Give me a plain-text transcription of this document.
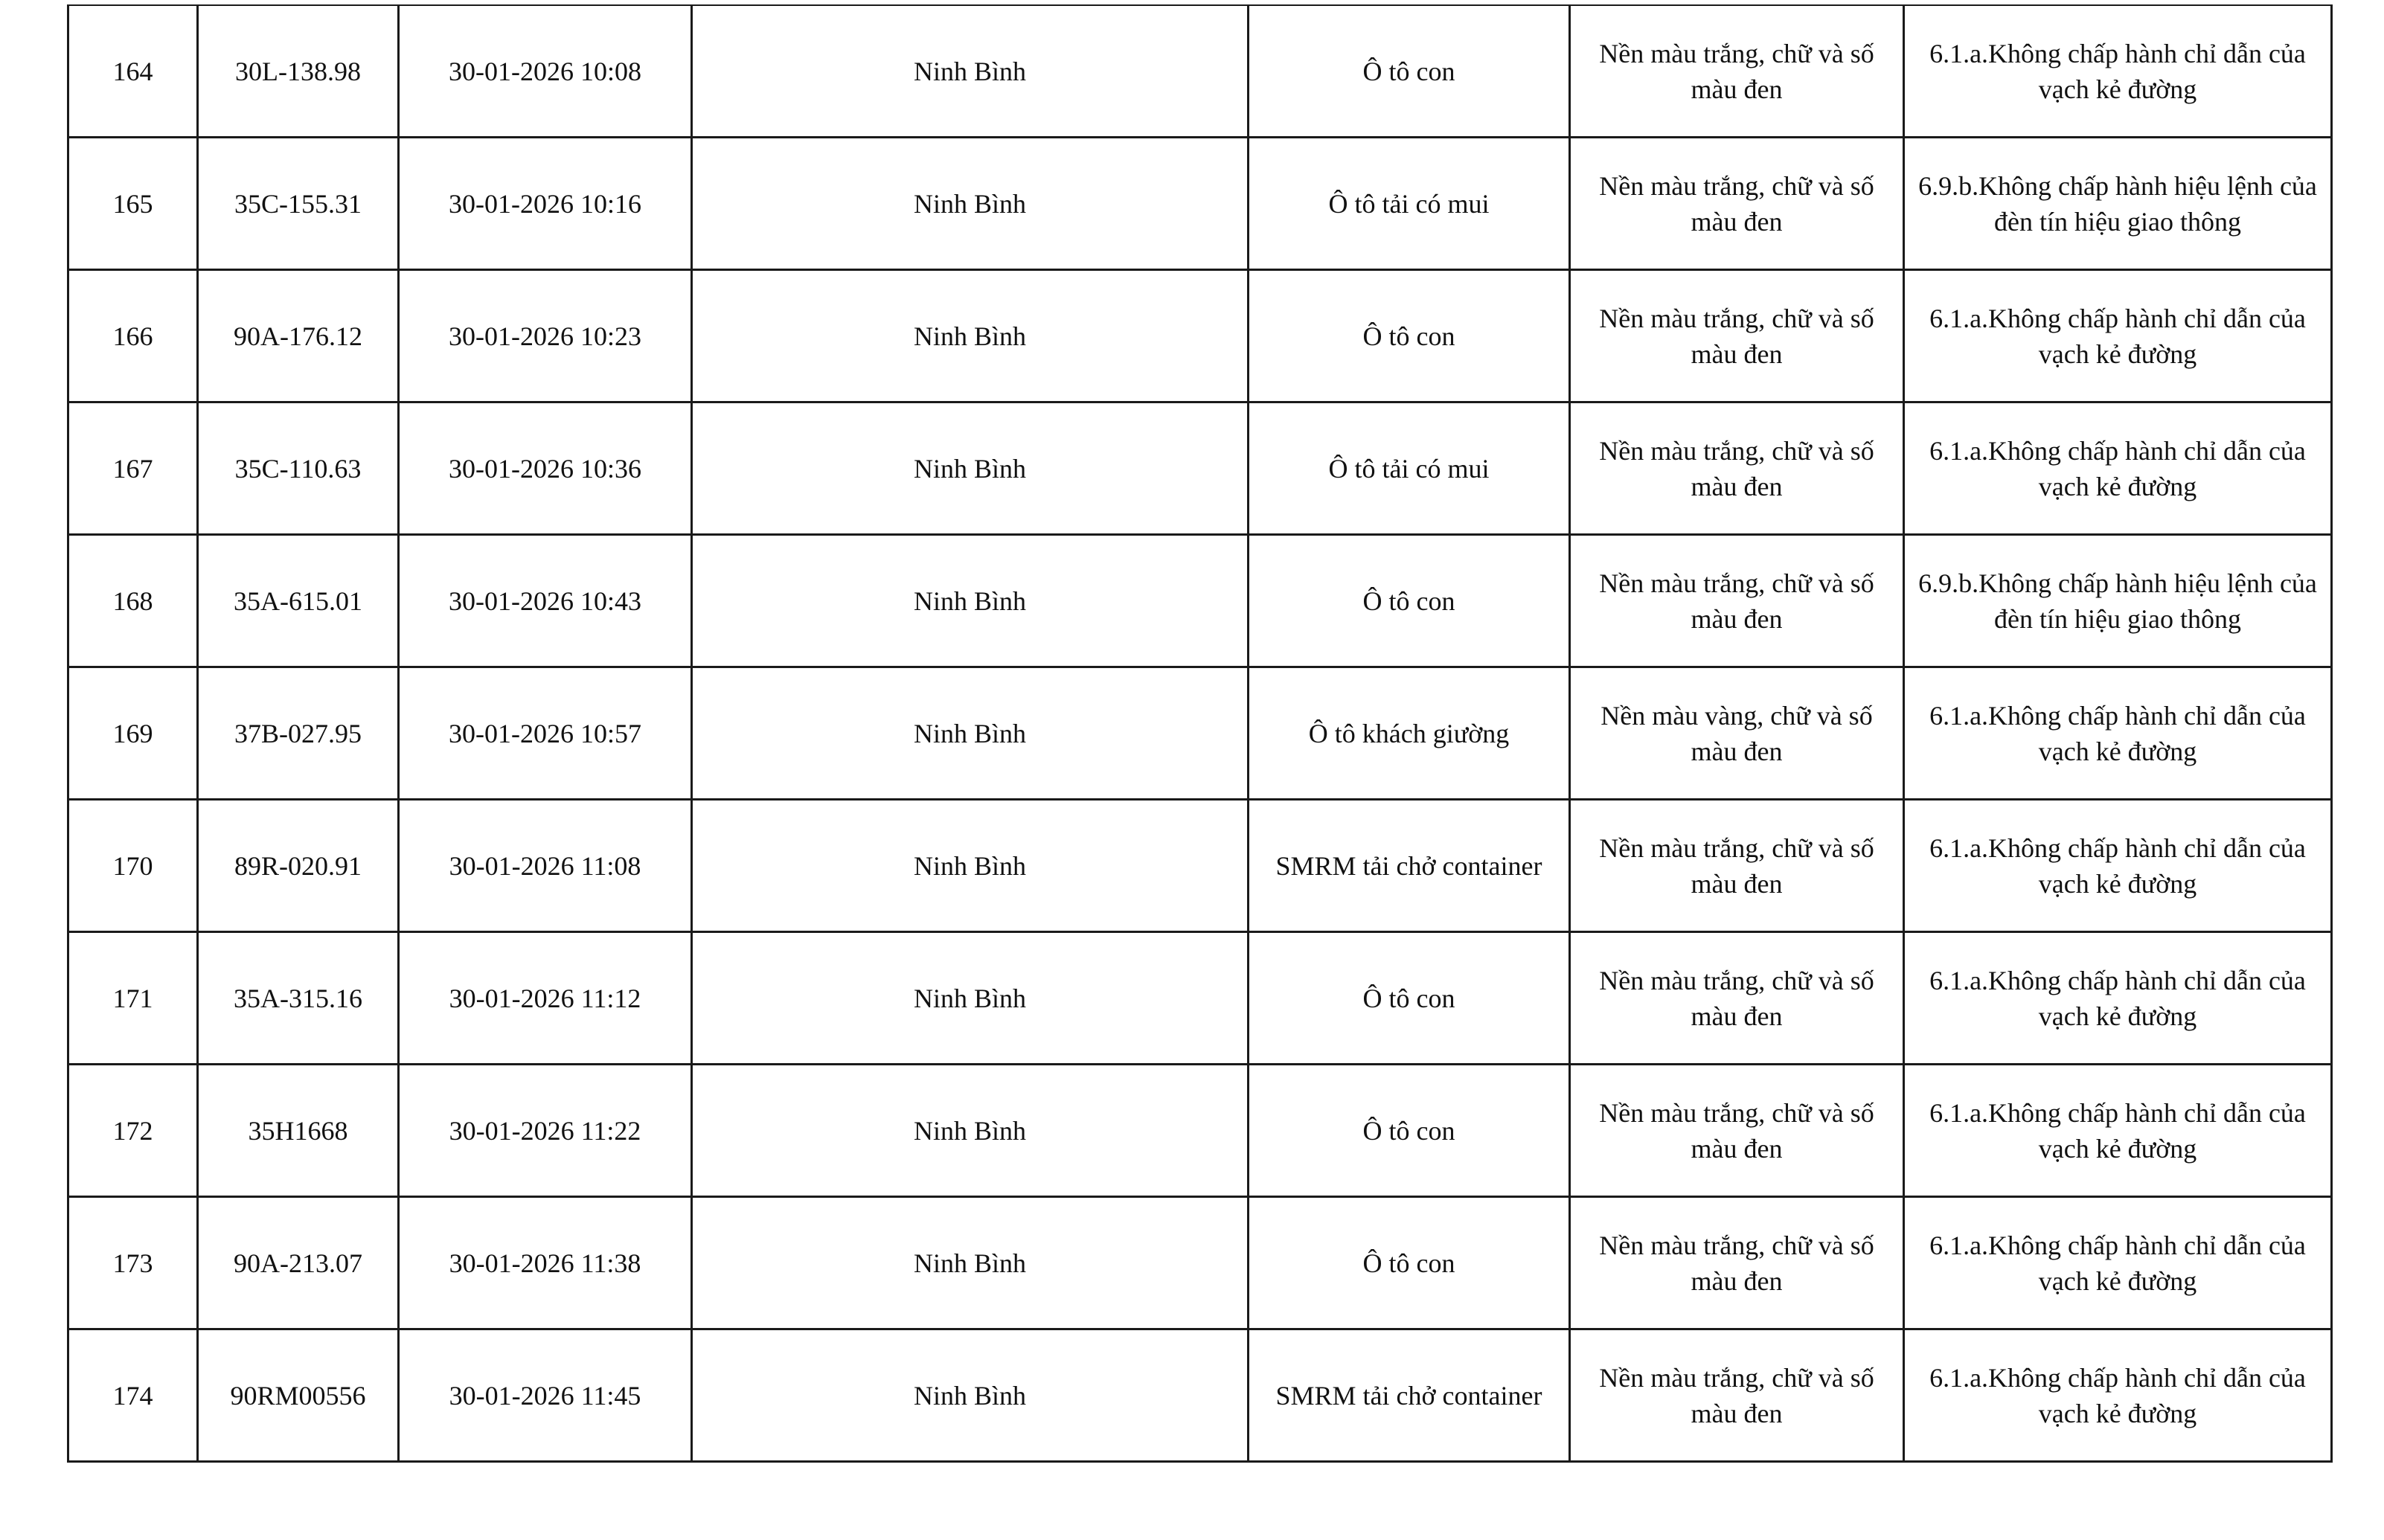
164	30L-138.98	30-01-2026 10:08	Ninh Bình	Ô tô con	Nền màu trắng, chữ và số màu đen	6.1.a.Không chấp hành chỉ dẫn của vạch kẻ đường
165	35C-155.31	30-01-2026 10:16	Ninh Bình	Ô tô tải có mui	Nền màu trắng, chữ và số màu đen	6.9.b.Không chấp hành hiệu lệnh của đèn tín hiệu giao thông
166	90A-176.12	30-01-2026 10:23	Ninh Bình	Ô tô con	Nền màu trắng, chữ và số màu đen	6.1.a.Không chấp hành chỉ dẫn của vạch kẻ đường
167	35C-110.63	30-01-2026 10:36	Ninh Bình	Ô tô tải có mui	Nền màu trắng, chữ và số màu đen	6.1.a.Không chấp hành chỉ dẫn của vạch kẻ đường
168	35A-615.01	30-01-2026 10:43	Ninh Bình	Ô tô con	Nền màu trắng, chữ và số màu đen	6.9.b.Không chấp hành hiệu lệnh của đèn tín hiệu giao thông
169	37B-027.95	30-01-2026 10:57	Ninh Bình	Ô tô khách giường	Nền màu vàng, chữ và số màu đen	6.1.a.Không chấp hành chỉ dẫn của vạch kẻ đường
170	89R-020.91	30-01-2026 11:08	Ninh Bình	SMRM tải chở container	Nền màu trắng, chữ và số màu đen	6.1.a.Không chấp hành chỉ dẫn của vạch kẻ đường
171	35A-315.16	30-01-2026 11:12	Ninh Bình	Ô tô con	Nền màu trắng, chữ và số màu đen	6.1.a.Không chấp hành chỉ dẫn của vạch kẻ đường
172	35H1668	30-01-2026 11:22	Ninh Bình	Ô tô con	Nền màu trắng, chữ và số màu đen	6.1.a.Không chấp hành chỉ dẫn của vạch kẻ đường
173	90A-213.07	30-01-2026 11:38	Ninh Bình	Ô tô con	Nền màu trắng, chữ và số màu đen	6.1.a.Không chấp hành chỉ dẫn của vạch kẻ đường
174	90RM00556	30-01-2026 11:45	Ninh Bình	SMRM tải chở container	Nền màu trắng, chữ và số màu đen	6.1.a.Không chấp hành chỉ dẫn của vạch kẻ đường
